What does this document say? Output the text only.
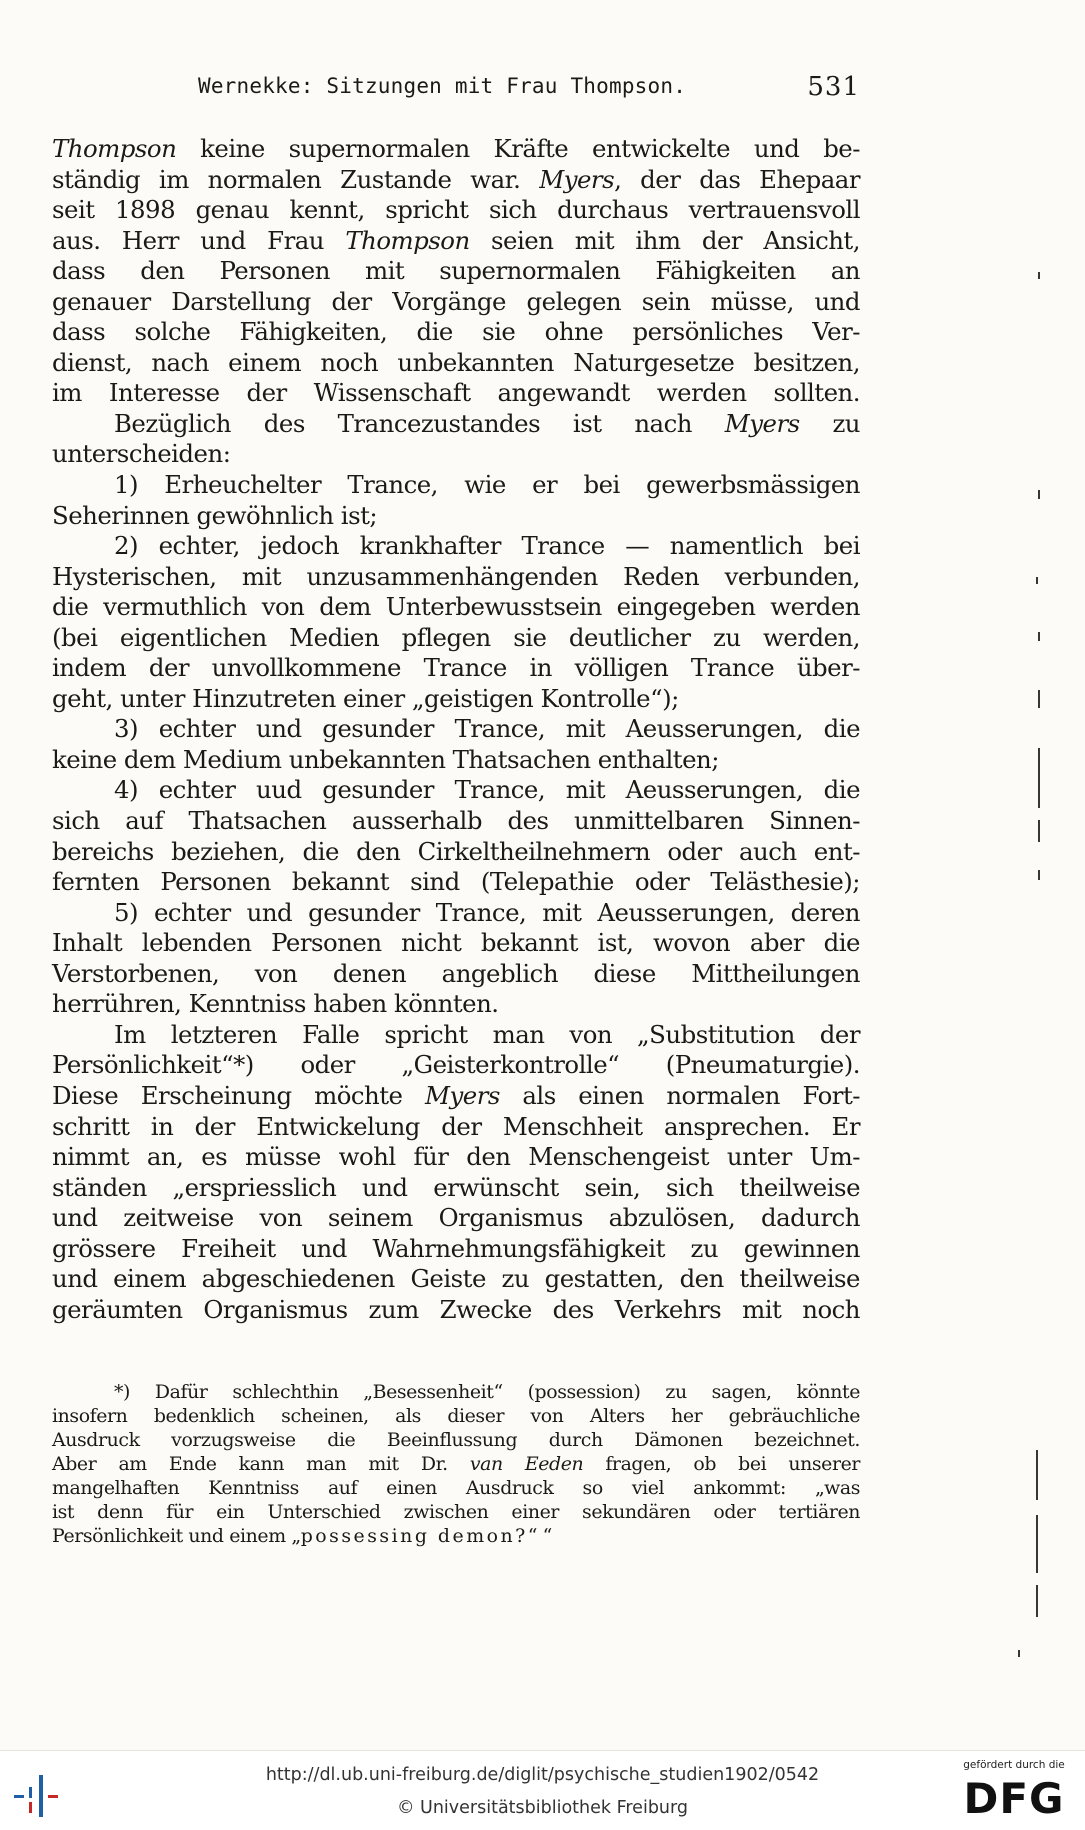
Wernekke: Sitzungen mit Frau Thompson.	531
Thompson keine supernormalen Kräfte entwickelte und be-
ständig im normalen Zustande war. Myers, der das Ehepaar
seit 1898 genau kennt, spricht sich durchaus vertrauensvoll
aus. Herr und Frau Thompson seien mit ihm der Ansicht,
dass den Personen mit supernormalen Fähigkeiten an
genauer Darstellung der Vorgänge gelegen sein müsse, und
dass solche Fähigkeiten, die sie ohne persönliches Ver-
dienst, nach einem noch unbekannten Naturgesetze besitzen,
im Interesse der Wissenschaft angewandt werden sollten.
Bezüglich des Trancezustandes ist nach Myers zu
unterscheiden:
1) Erheuchelter Trance, wie er bei gewerbsmässigen
Seherinnen gewöhnlich ist;
2) echter, jedoch krankhafter Trance — namentlich bei
Hysterischen, mit unzusammenhängenden Reden verbunden,
die vermuthlich von dem Unterbewusstsein eingegeben werden
(bei eigentlichen Medien pflegen sie deutlicher zu werden,
indem der unvollkommene Trance in völligen Trance über-
geht, unter Hinzutreten einer „geistigen Kontrolle“);
3) echter und gesunder Trance, mit Aeusserungen, die
keine dem Medium unbekannten Thatsachen enthalten;
4) echter uud gesunder Trance, mit Aeusserungen, die
sich auf Thatsachen ausserhalb des unmittelbaren Sinnen-
bereichs beziehen, die den Cirkeltheilnehmern oder auch ent-
fernten Personen bekannt sind (Telepathie oder Telästhesie);
5) echter und gesunder Trance, mit Aeusserungen, deren
Inhalt lebenden Personen nicht bekannt ist, wovon aber die
Verstorbenen, von denen angeblich diese Mittheilungen
herrühren, Kenntniss haben könnten.
Im letzteren Falle spricht man von „Substitution der
Persönlichkeit“*) oder „Geisterkontrolle“ (Pneumaturgie).
Diese Erscheinung möchte Myers als einen normalen Fort-
schritt in der Entwickelung der Menschheit ansprechen. Er
nimmt an, es müsse wohl für den Menschengeist unter Um-
ständen „erspriesslich und erwünscht sein, sich theilweise
und zeitweise von seinem Organismus abzulösen, dadurch
grössere Freiheit und Wahrnehmungsfähigkeit zu gewinnen
und einem abgeschiedenen Geiste zu gestatten, den theilweise
geräumten Organismus zum Zwecke des Verkehrs mit noch
*) Dafür schlechthin „Besessenheit“ (possession) zu sagen, könnte
insofern bedenklich scheinen, als dieser von Alters her gebräuchliche
Ausdruck vorzugsweise die Beeinflussung durch Dämonen bezeichnet.
Aber am Ende kann man mit Dr. van Eeden fragen, ob bei unserer
mangelhaften Kenntniss auf einen Ausdruck so viel ankommt: „was
ist denn für ein Unterschied zwischen einer sekundären oder tertiären
Persönlichkeit und einem „possessing demon?“ “
http://dl.ub.uni-freiburg.de/diglit/psychische_studien1902/0542
© Universitätsbibliothek Freiburg
gefördert durch die
DFG
